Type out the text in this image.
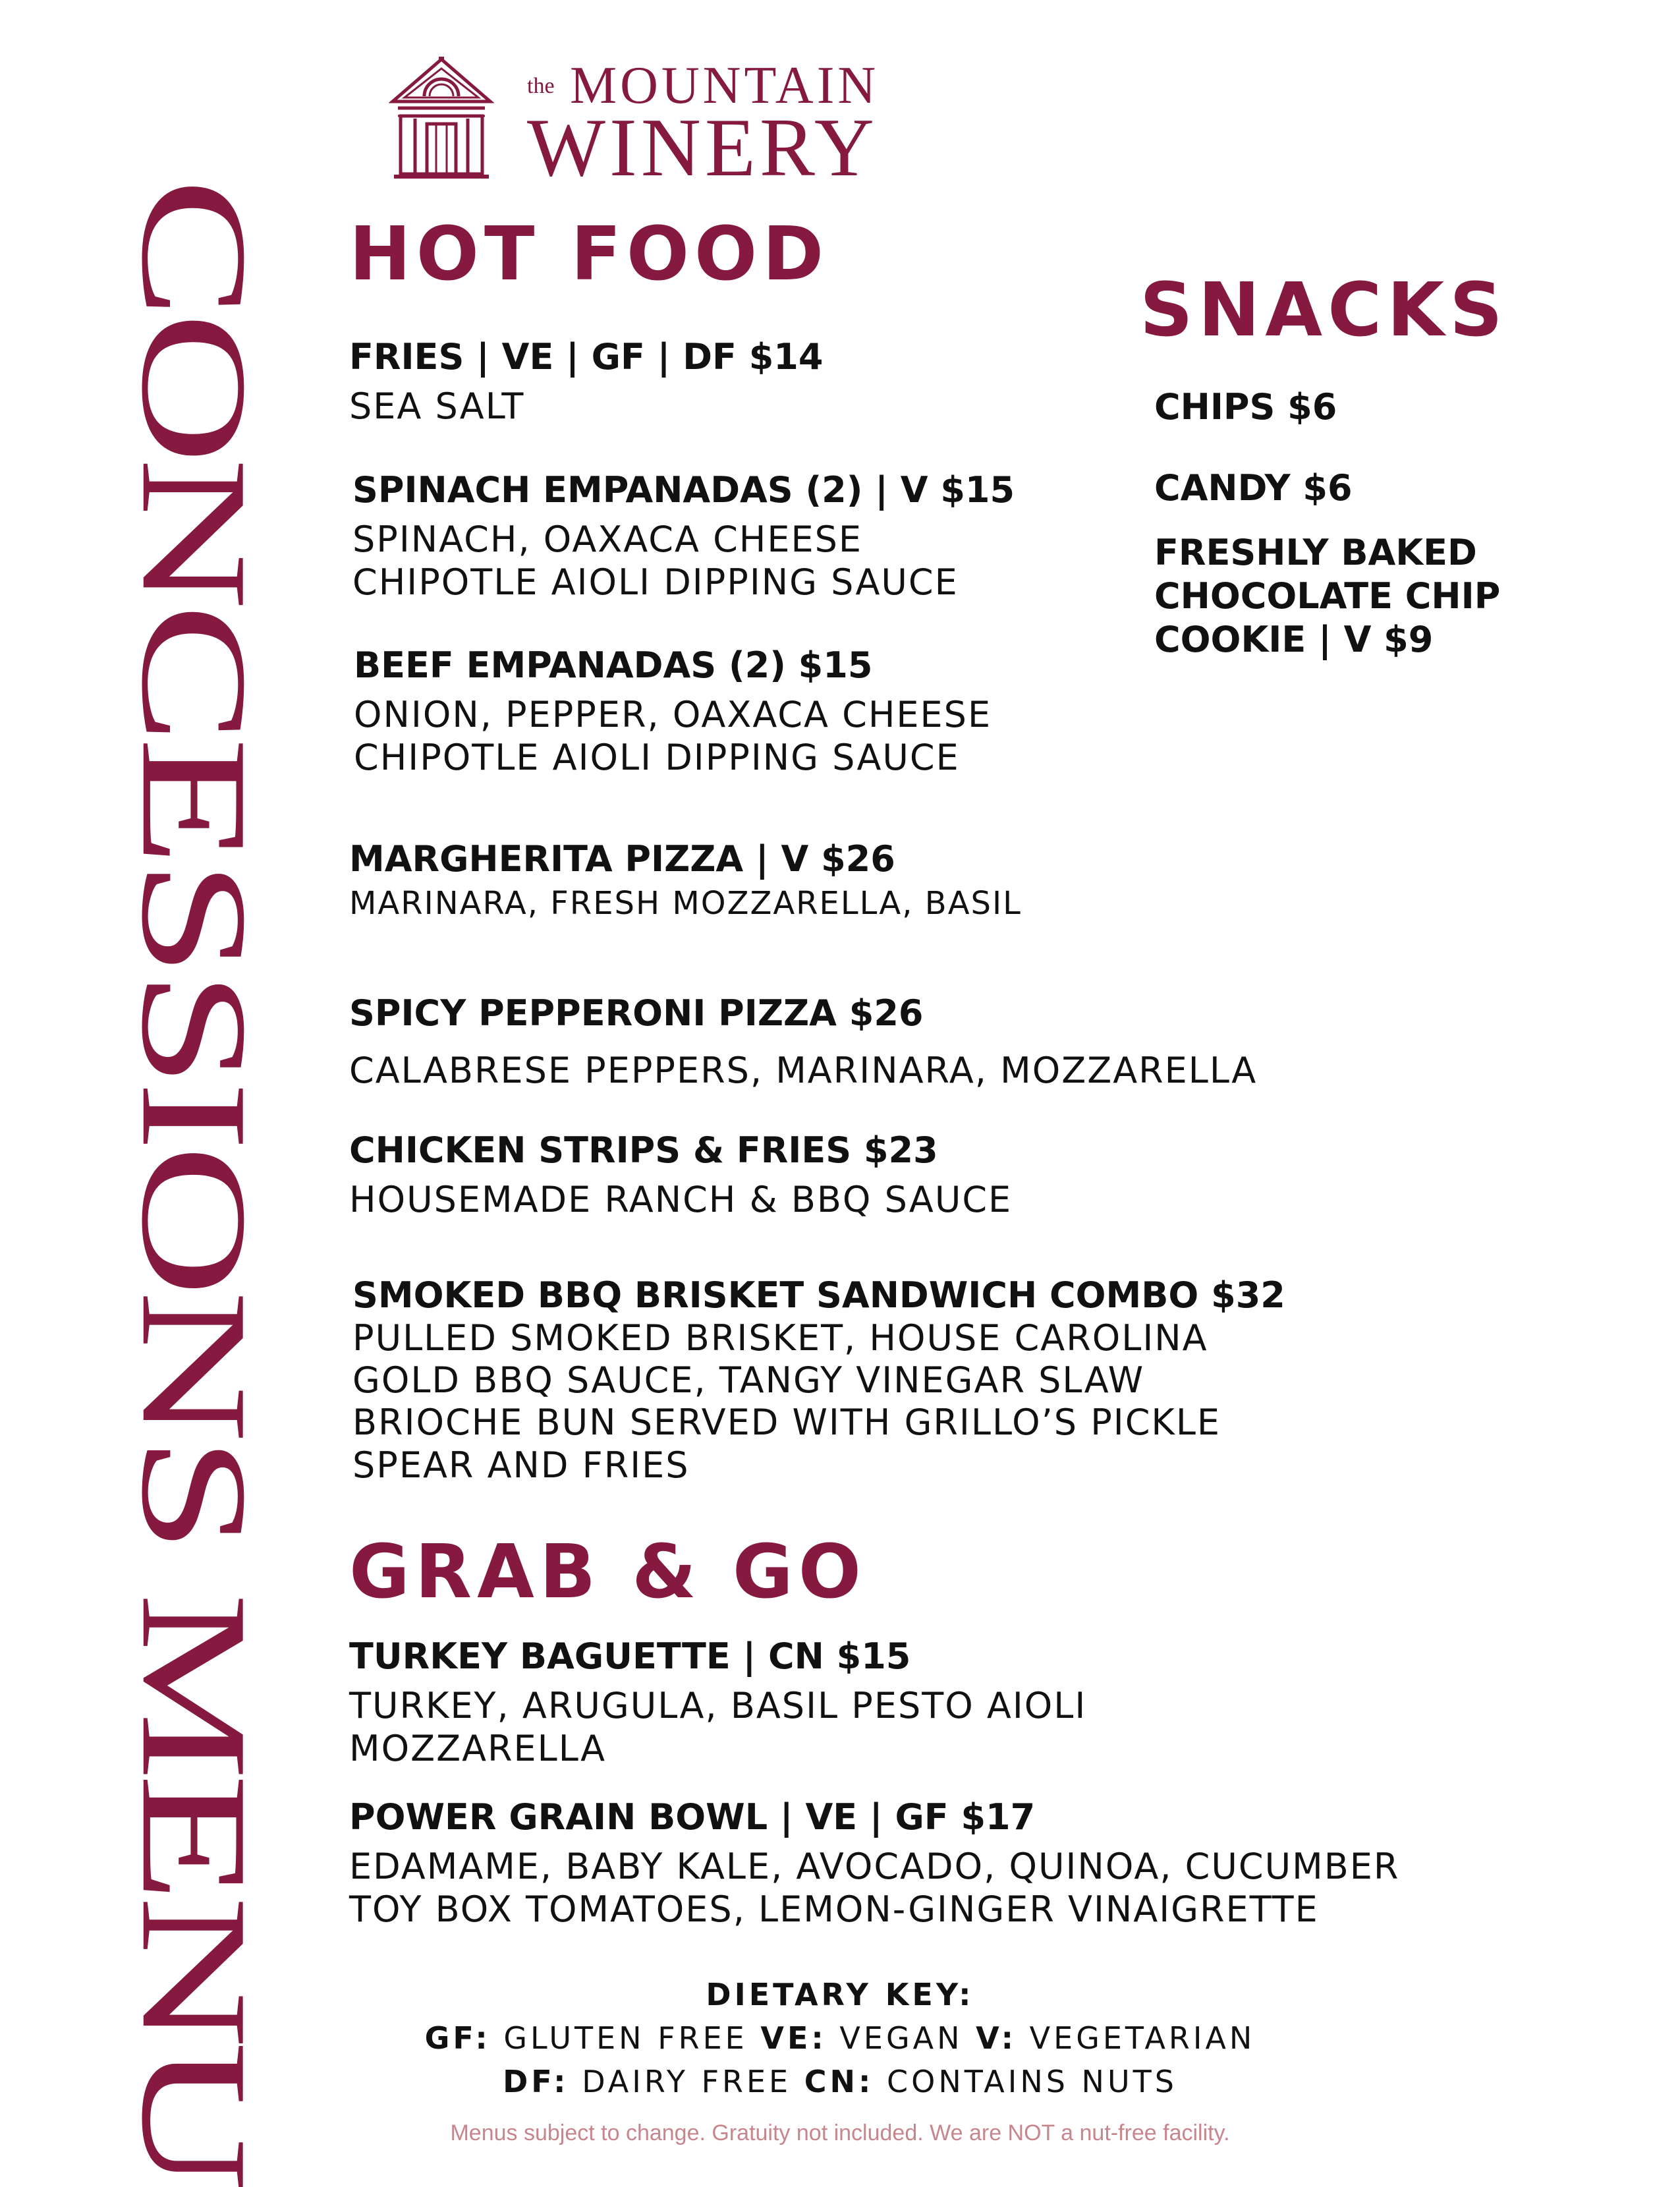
the MOUNTAIN
WINERY
CONCESSIONS MENU HOT FOOD
FRIES | VE | GF | DF $14
SEA SALT
SPINACH EMPANADAS (2) | V $15
SPINACH, OAXACA CHEESE
CHIPOTLE AIOLI DIPPING SAUCE
BEEF EMPANADAS (2) $15
ONION, PEPPER, OAXACA CHEESE
CHIPOTLE AIOLI DIPPING SAUCE
MARGHERITA PIZZA | V $26
MARINARA, FRESH MOZZARELLA, BASIL
SPICY PEPPERONI PIZZA $26
CALABRESE PEPPERS, MARINARA, MOZZARELLA
CHICKEN STRIPS & FRIES $23
HOUSEMADE RANCH & BBQ SAUCE
SMOKED BBQ BRISKET SANDWICH COMBO $32
PULLED SMOKED BRISKET, HOUSE CAROLINA
GOLD BBQ SAUCE, TANGY VINEGAR SLAW
BRIOCHE BUN SERVED WITH GRILLO’S PICKLE
SPEAR AND FRIES
SNACKS
CHIPS $6
CANDY $6
FRESHLY BAKED
CHOCOLATE CHIP
COOKIE | V $9
GRAB & GO
TURKEY BAGUETTE | CN $15
TURKEY, ARUGULA, BASIL PESTO AIOLI
MOZZARELLA
POWER GRAIN BOWL | VE | GF $17
EDAMAME, BABY KALE, AVOCADO, QUINOA, CUCUMBER
TOY BOX TOMATOES, LEMON-GINGER VINAIGRETTE
DIETARY KEY:
GF: GLUTEN FREE VE: VEGAN V: VEGETARIAN
DF: DAIRY FREE CN: CONTAINS NUTS
Menus subject to change. Gratuity not included. We are NOT a nut-free facility.
